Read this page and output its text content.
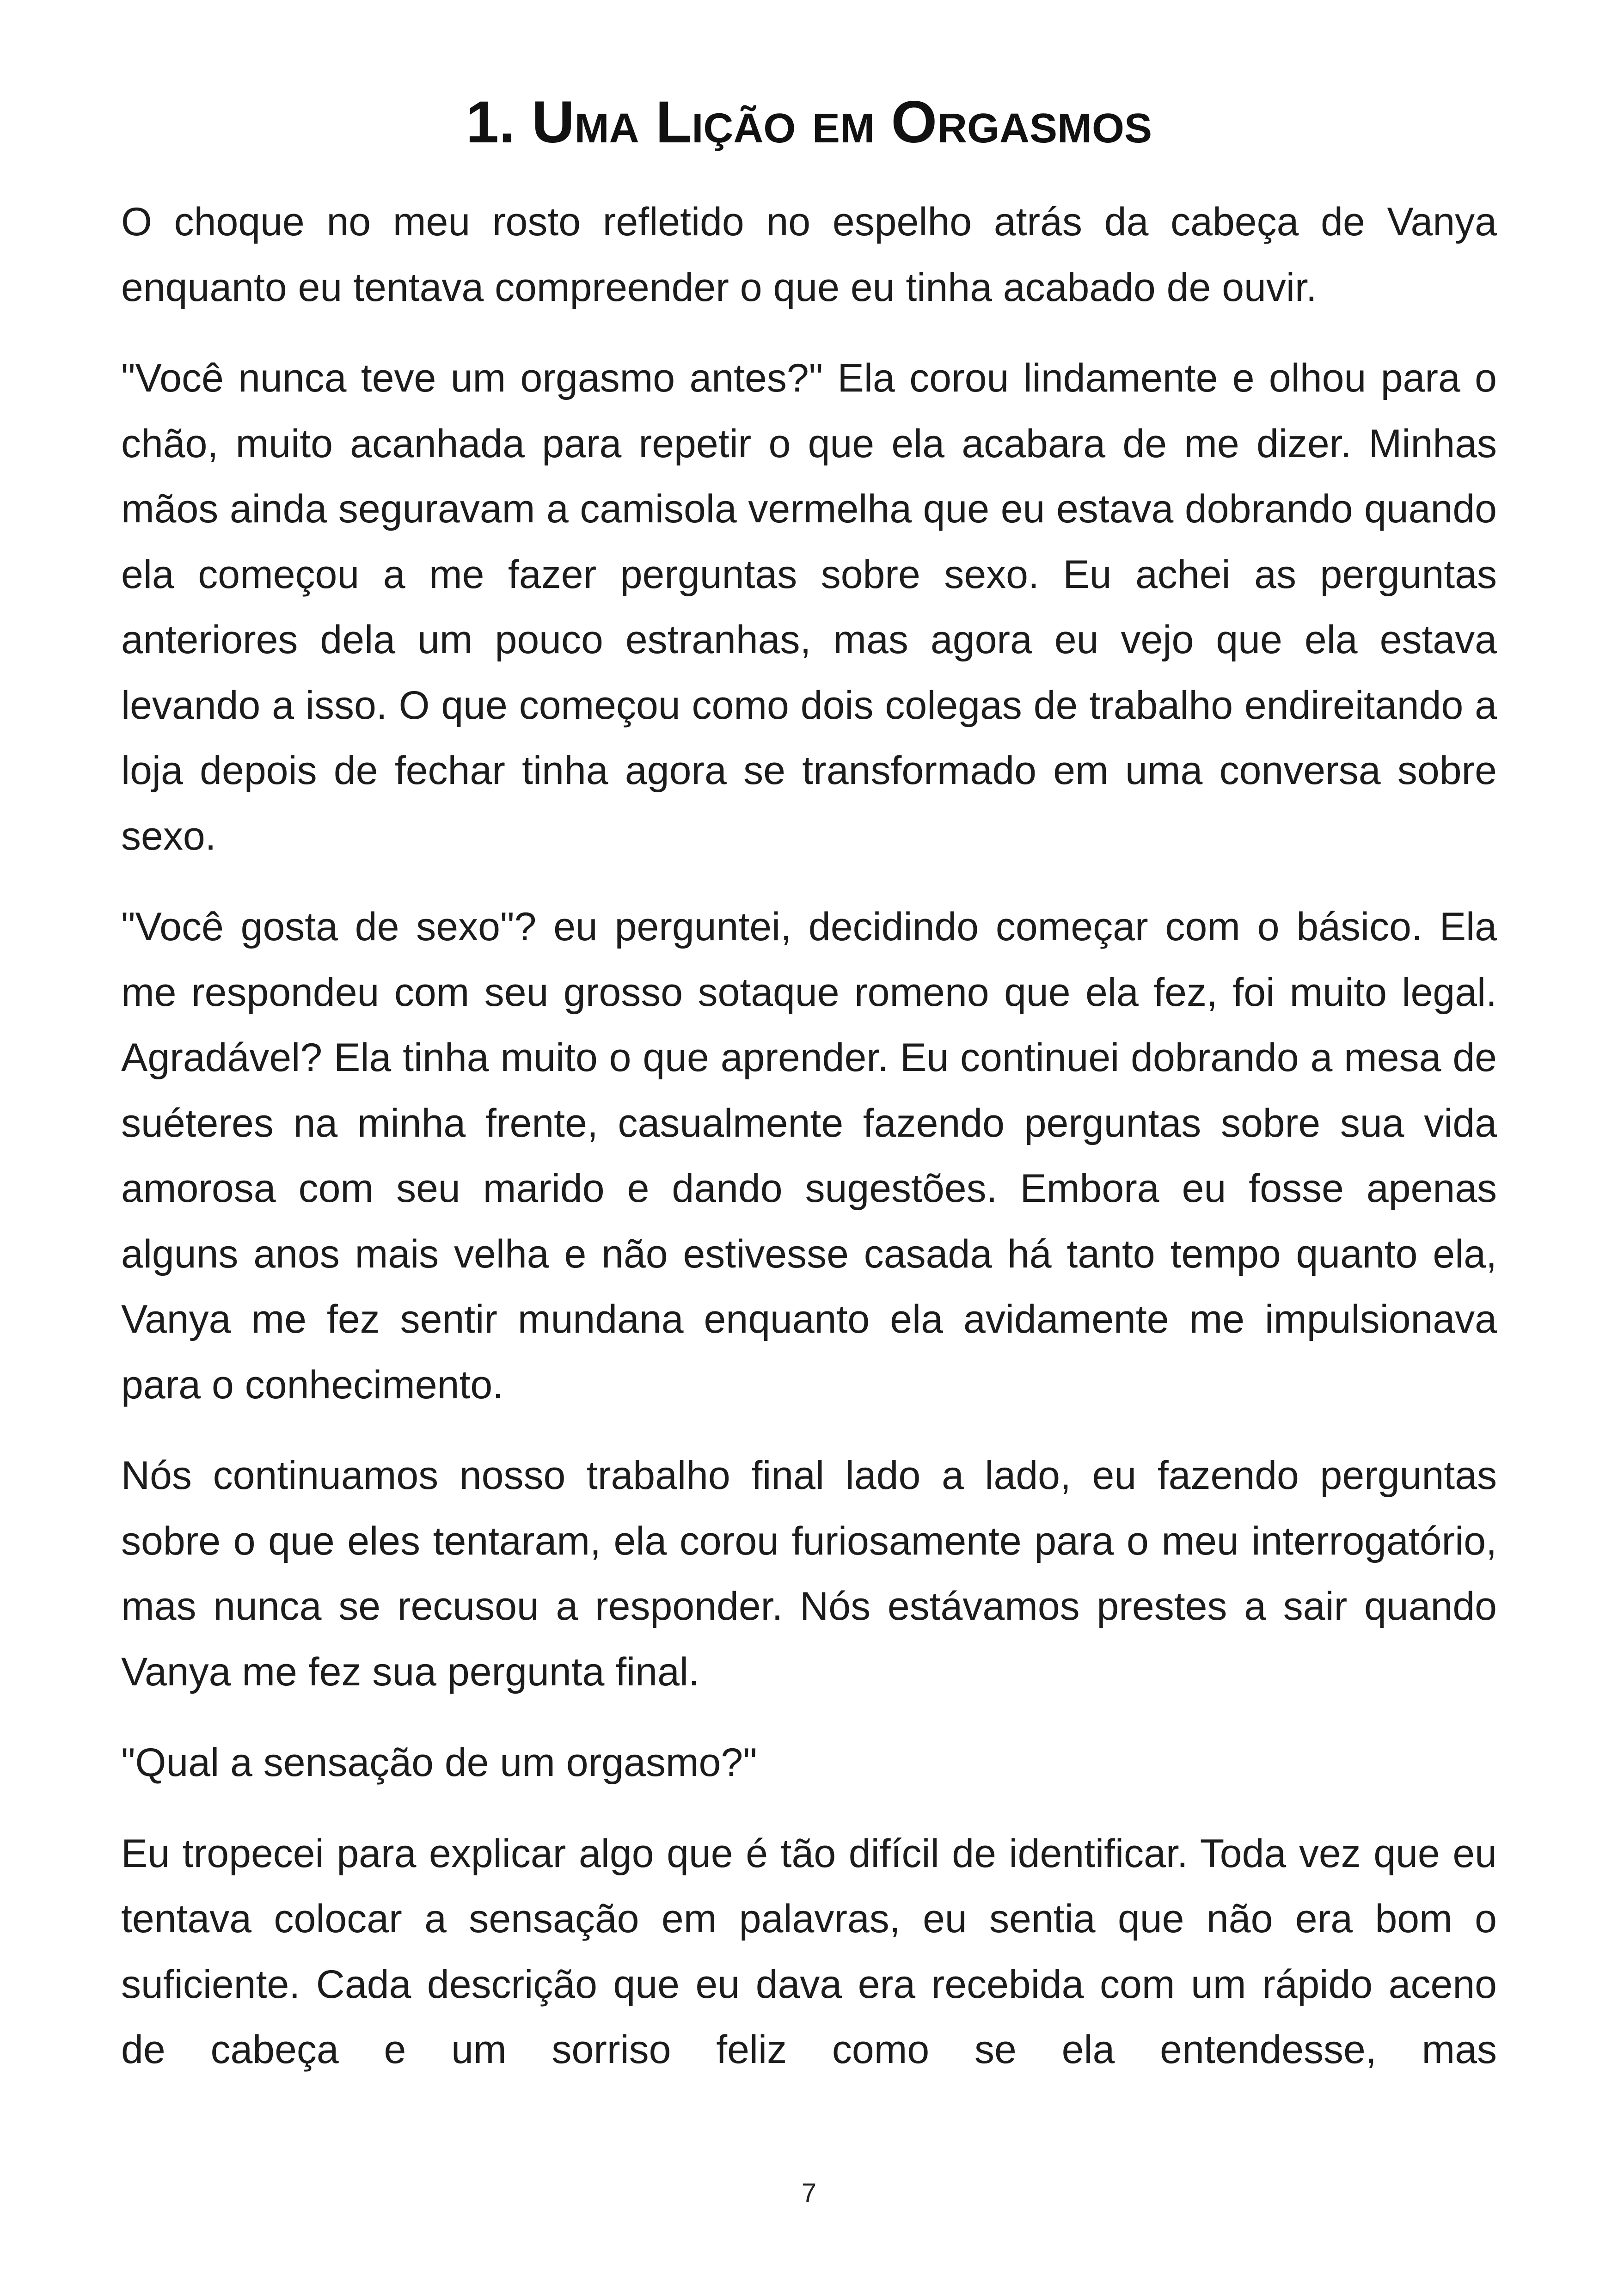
1. Uma Lição em Orgasmos

O choque no meu rosto refletido no espelho atrás da cabeça de Vanya enquanto eu tentava compreender o que eu tinha acabado de ouvir.

"Você nunca teve um orgasmo antes?" Ela corou lindamente e olhou para o chão, muito acanhada para repetir o que ela acabara de me dizer. Minhas mãos ainda seguravam a camisola vermelha que eu estava dobrando quando ela começou a me fazer perguntas sobre sexo. Eu achei as perguntas anteriores dela um pouco estranhas, mas agora eu vejo que ela estava levando a isso. O que começou como dois colegas de trabalho endireitando a loja depois de fechar tinha agora se transformado em uma conversa sobre sexo.

"Você gosta de sexo"? eu perguntei, decidindo começar com o básico. Ela me respondeu com seu grosso sotaque romeno que ela fez, foi muito legal. Agradável? Ela tinha muito o que aprender. Eu continuei dobrando a mesa de suéteres na minha frente, casualmente fazendo perguntas sobre sua vida amorosa com seu marido e dando sugestões. Embora eu fosse apenas alguns anos mais velha e não estivesse casada há tanto tempo quanto ela, Vanya me fez sentir mundana enquanto ela avidamente me impulsionava para o conhecimento.

Nós continuamos nosso trabalho final lado a lado, eu fazendo perguntas sobre o que eles tentaram, ela corou furiosamente para o meu interrogatório, mas nunca se recusou a responder. Nós estávamos prestes a sair quando Vanya me fez sua pergunta final.

"Qual a sensação de um orgasmo?"

Eu tropecei para explicar algo que é tão difícil de identificar. Toda vez que eu tentava colocar a sensação em palavras, eu sentia que não era bom o suficiente. Cada descrição que eu dava era recebida com um rápido aceno de cabeça e um sorriso feliz como se ela entendesse, mas

7
